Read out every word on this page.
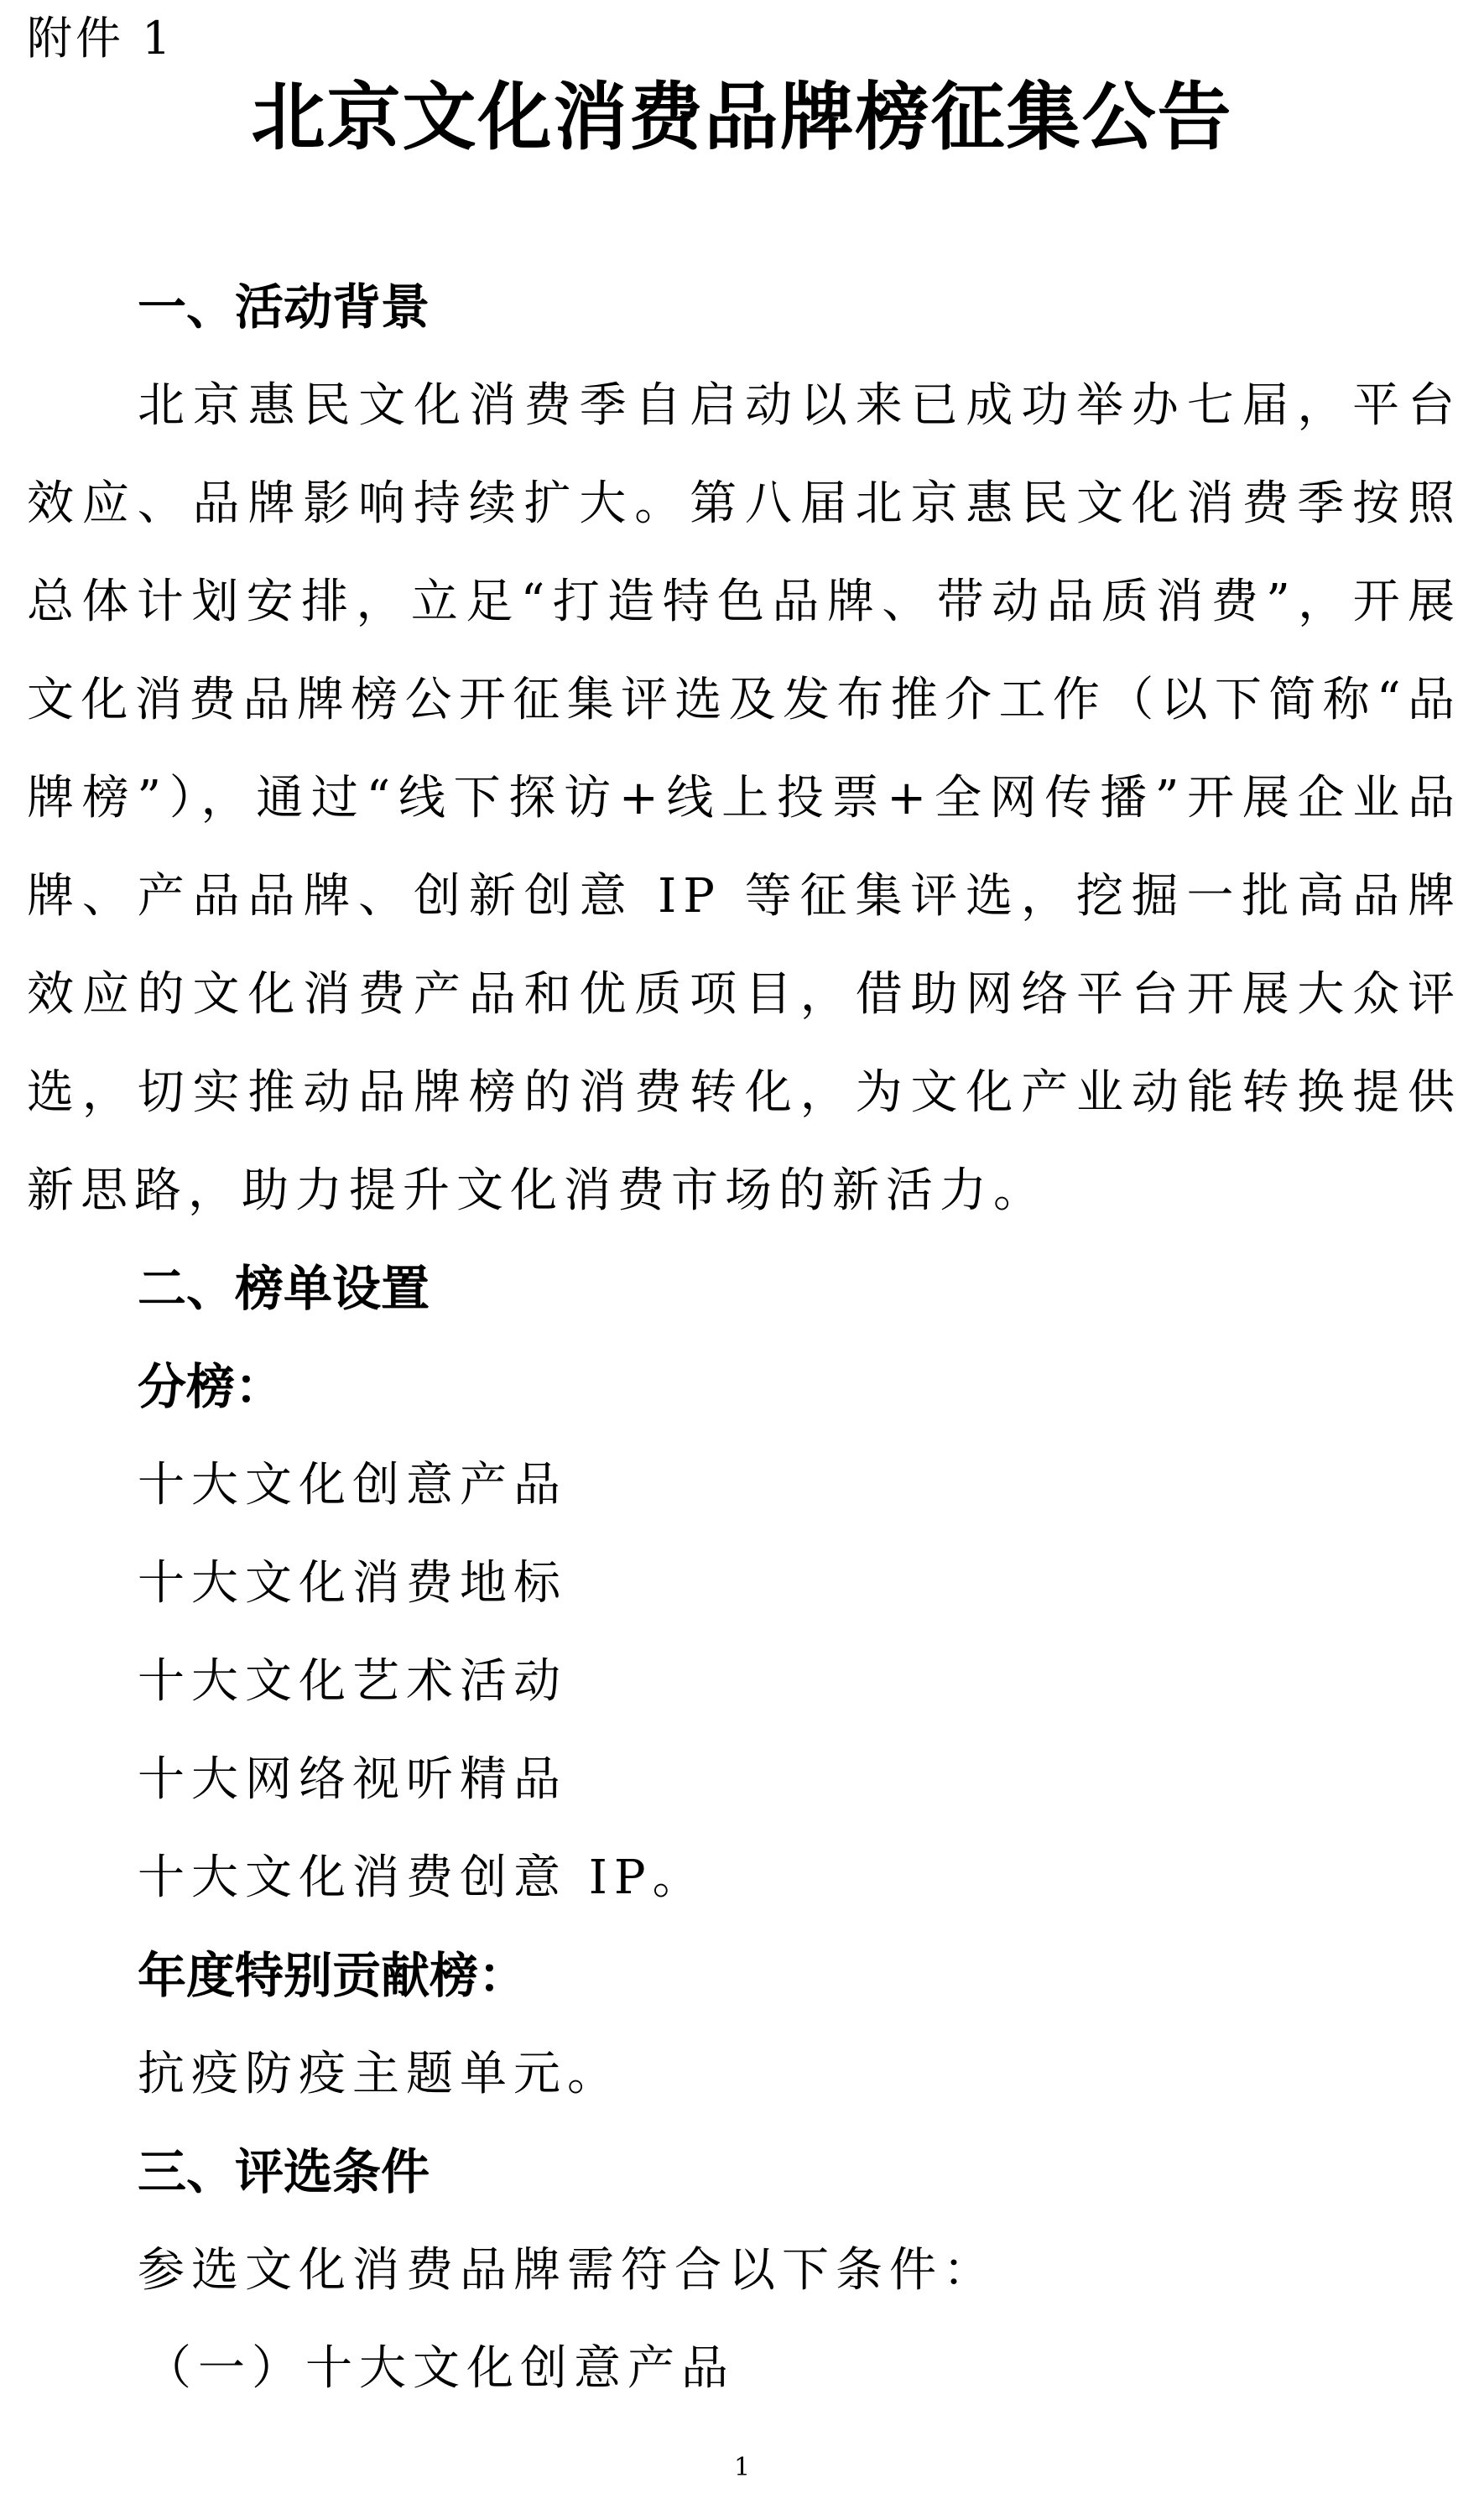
附件 1
北京文化消费品牌榜征集公告
一、活动背景
北京惠民文化消费季自启动以来已成功举办七届，平台效应、品牌影响持续扩大。第八届北京惠民文化消费季按照总体计划安排，立足“打造特色品牌、带动品质消费”，开展文化消费品牌榜公开征集评选及发布推介工作（以下简称“品牌榜”），通过“线下探访+线上投票+全网传播”开展企业品牌、产品品牌、创新创意 IP 等征集评选，挖掘一批高品牌效应的文化消费产品和优质项目，借助网络平台开展大众评选，切实推动品牌榜的消费转化，为文化产业动能转换提供新思路，助力提升文化消费市场的新活力。
二、榜单设置
分榜：
十大文化创意产品
十大文化消费地标
十大文化艺术活动
十大网络视听精品
十大文化消费创意 IP。
年度特别贡献榜：
抗疫防疫主题单元。
三、评选条件
参选文化消费品牌需符合以下条件：
（一）十大文化创意产品
1
